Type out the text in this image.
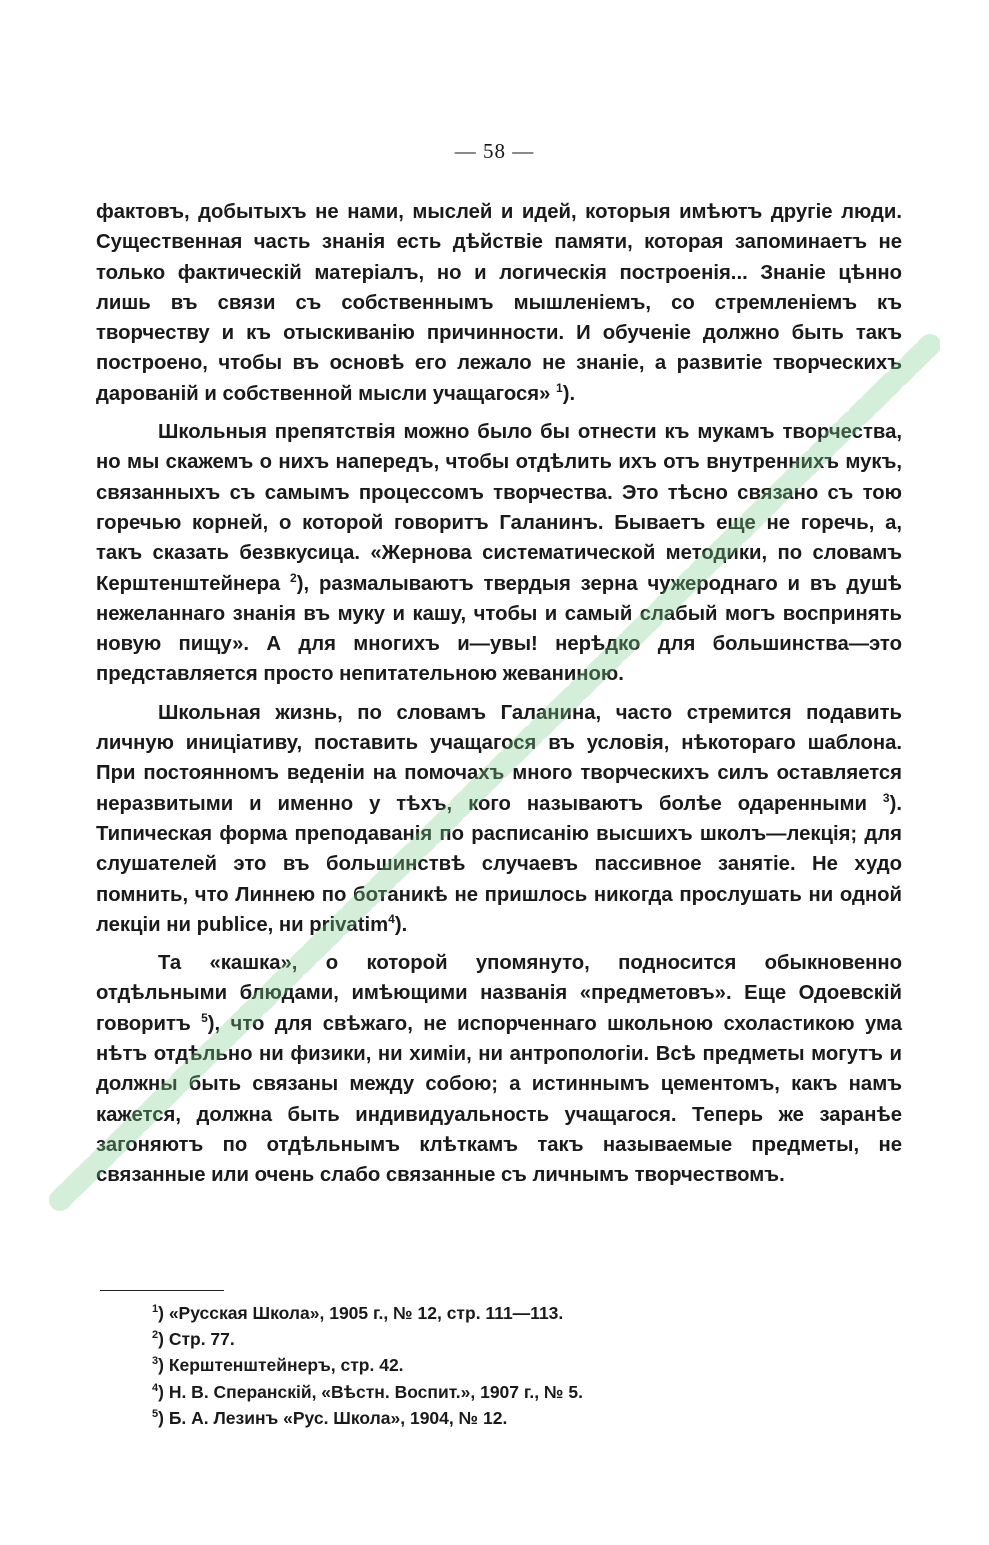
— 58 —

фактовъ, добытыхъ не нами, мыслей и идей, которыя имѣютъ другіе люди. Существенная часть знанія есть дѣйствіе памяти, которая запоминаетъ не только фактическій матеріалъ, но и логическія построенія... Знаніе цѣнно лишь въ связи съ собственнымъ мышленіемъ, со стремленіемъ къ творчеству и къ отыскиванію причинности. И обученіе должно быть такъ построено, чтобы въ основѣ его лежало не знаніе, а развитіе творческихъ дарованій и собственной мысли учащагося» $^1$).

Школьныя препятствія можно было бы отнести къ мукамъ творчества, но мы скажемъ о нихъ напередъ, чтобы отдѣлить ихъ отъ внутреннихъ мукъ, связанныхъ съ самымъ процессомъ творчества. Это тѣсно связано съ тою горечью корней, о которой говоритъ Галанинъ. Бываетъ еще не горечь, а, такъ сказать безвкусица. «Жернова систематической методики, по словамъ Керштенштейнера $^2$), размалываютъ твердыя зерна чужероднаго и въ душѣ нежеланнаго знанія въ муку и кашу, чтобы и самый слабый могъ воспринять новую пищу». А для многихъ и—увы! нерѣдко для большинства—это представляется просто непитательною жеваниною.

Школьная жизнь, по словамъ Галанина, часто стремится подавить личную иниціативу, поставить учащагося въ условія, нѣкотораго шаблона. При постоянномъ веденіи на помочахъ много творческихъ силъ оставляется неразвитыми и именно у тѣхъ, кого называютъ болѣе одаренными $^3$). Типическая форма преподаванія по расписанію высшихъ школъ—лекція; для слушателей это въ большинствѣ случаевъ пассивное занятіе. Не худо помнить, что Линнею по ботаникѣ не пришлось никогда прослушать ни одной лекціи ни publice, ни privatim$^4$).

Та «кашка», о которой упомянуто, подносится обыкновенно отдѣльными блюдами, имѣющими названія «предметовъ». Еще Одоевскій говоритъ $^5$), что для свѣжаго, не испорченнаго школьною схоластикою ума нѣтъ отдѣльно ни физики, ни химіи, ни антропологіи. Всѣ предметы могутъ и должны быть связаны между собою; а истиннымъ цементомъ, какъ намъ кажется, должна быть индивидуальность учащагося. Теперь же заранѣе загоняютъ по отдѣльнымъ клѣткамъ такъ называемые предметы, не связанные или очень слабо связанные съ личнымъ творчествомъ.

$^1$) «Русская Школа», 1905 г., № 12, стр. 111—113.
$^2$) Стр. 77.
$^3$) Керштенштейнеръ, стр. 42.
$^4$) Н. В. Сперанскій, «Вѣстн. Воспит.», 1907 г., № 5.
$^5$) Б. А. Лезинъ «Рус. Школа», 1904, № 12.
